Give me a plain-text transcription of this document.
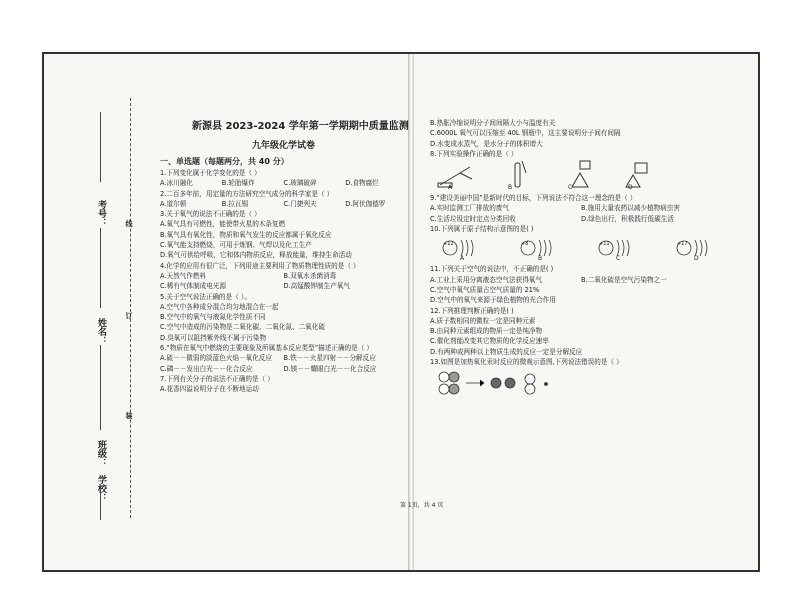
考号：
姓名：
班级：
学校：
线
订
装
新源县 2023-2024 学年第一学期期中质量监测
九年级化学试卷
一、单选题（每题两分，共 40 分）
1.下列变化属于化学变化的是（ ）
A.冰川融化	B.轮胎爆炸	C.玻璃破碎	D.食物腐烂
2.二百多年前，用定量的方法研究空气成分的科学家是（ ）
A.道尔顿	B.拉瓦锡	C.门捷列夫	D.阿伏伽德罗
3.关于氧气的说法不正确的是（ ）
A.氧气具有可燃性，能使带火星的木条复燃
B.氧气具有氧化性，物质和氧气发生的反应都属于氧化反应
C.氧气能支持燃烧，可用于炼钢、气焊以及化工生产
D.氧气可供给呼吸，它和体内物质反应，释放能量，维持生命活动
4.化学的应用有很广泛，下列用途主要利用了物质物理性质的是（ ）
A.天然气作燃料	B.双氧水杀菌消毒
C.稀有气体制成电光源	D.高锰酸钾制生产氧气
5.关于空气说法正确的是（ ）。
A.空气中各种成分混合均匀地混合在一起
B.空气中的氧气与液氮化学性质不同
C.空气中造成的污染物是二氧化碳、二氧化氮、二氧化硫
D.臭氧可以阻挡紫外线不属于污染物
6.“物质在氧气中燃烧的主要现象及所属基本反应类型”描述正确的是（ ）
A.硫－－微弱的淡蓝色火焰－氧化反应	B.铁－－火星四射－－分解反应
C.磷－－发出白光－－化合反应	D.镁－－耀眼白光－－化合反应
7.下列有关分子的说法不正确的是（ ）
A.花香四溢说明分子在不断地运动
B.热胀冷缩说明分子间间隔大小与温度有关
C.6000L 氧气可以压缩至 40L 钢瓶中，这主要说明分子间有间隔
D.水变成水蒸气，是水分子的体积增大
8.下列实验操作正确的是（ ）
A	B	C	D
9.“建设美丽中国”是新时代的目标，下列说法不符合这一理念的是（ ）
A.实时监测工厂排放的废气	B.施用大量农药以减少植物病虫害
C.生活垃圾定时定点分类回收	D.绿色出行，积极践行低碳生活
10.下列属于原子结构示意图的是( )
+12	+8	+11	+17
A	B	C	D
11.下列关于空气的说法中，不正确的是( )
A.工业上采用分离液态空气法获得氧气	B.二氧化硫是空气污染物之一
C.空气中氧气质量占空气质量的 21%
D.空气中的氧气来源于绿色植物的光合作用
12.下列推理判断正确的是( )
A.质子数相同的微粒一定是同种元素
B.由同种元素组成的物质一定是纯净物
C.催化剂能改变其它物质的化学反应速率
D.有两种或两种以上物质生成的反应一定是分解反应
13.如图是加热氧化汞时反应的微观示意图,下列说法错误的是（ ）
第 1页，共 4 页
